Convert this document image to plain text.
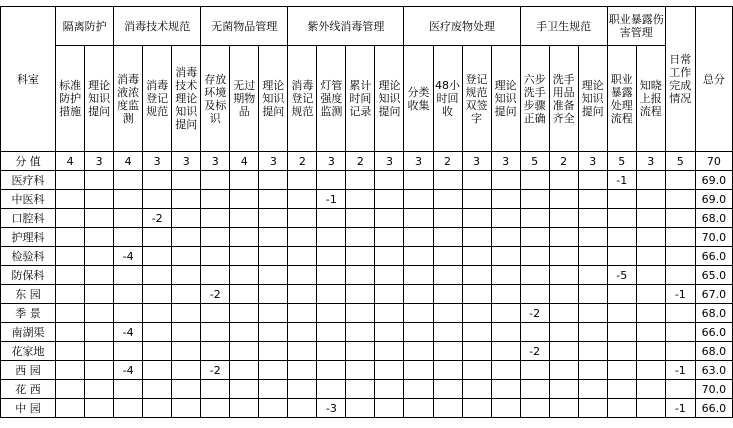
科室	隔离防护		消毒技术规范			无菌物品管理			紫外线消毒管理				医疗废物处理				手卫生规范			职业暴露伤害管理		日常工作完成情况	总分
	标准防护措施	理论知识提问	消毒液浓度监测	消毒登记规范	消毒技术理论知识提问	存放环境及标识	无过期物品	理论知识提问	消毒登记规范	灯管强度监测	累计时间记录	理论知识提问	分类收集	48小时回收	登记规范双签字	理论知识提问	六步洗手步骤正确	洗手用品准备齐全	理论知识提问	职业暴露处理流程	知晓上报流程		
分 值	4	3	4	3	3	3	4	3	2	3	2	3	3	2	3	3	5	2	3	5	3	5	70
医疗科																				-1			69.0
中医科										-1													69.0
口腔科				-2																			68.0
护理科																							70.0
检验科			-4																				66.0
防保科																				-5			65.0
东 园						-2																-1	67.0
季 景																	-2						68.0
南湖渠			-4																				66.0
花家地																	-2						68.0
西 园			-4			-2																-1	63.0
花 西																							70.0
中 园										-3												-1	66.0
